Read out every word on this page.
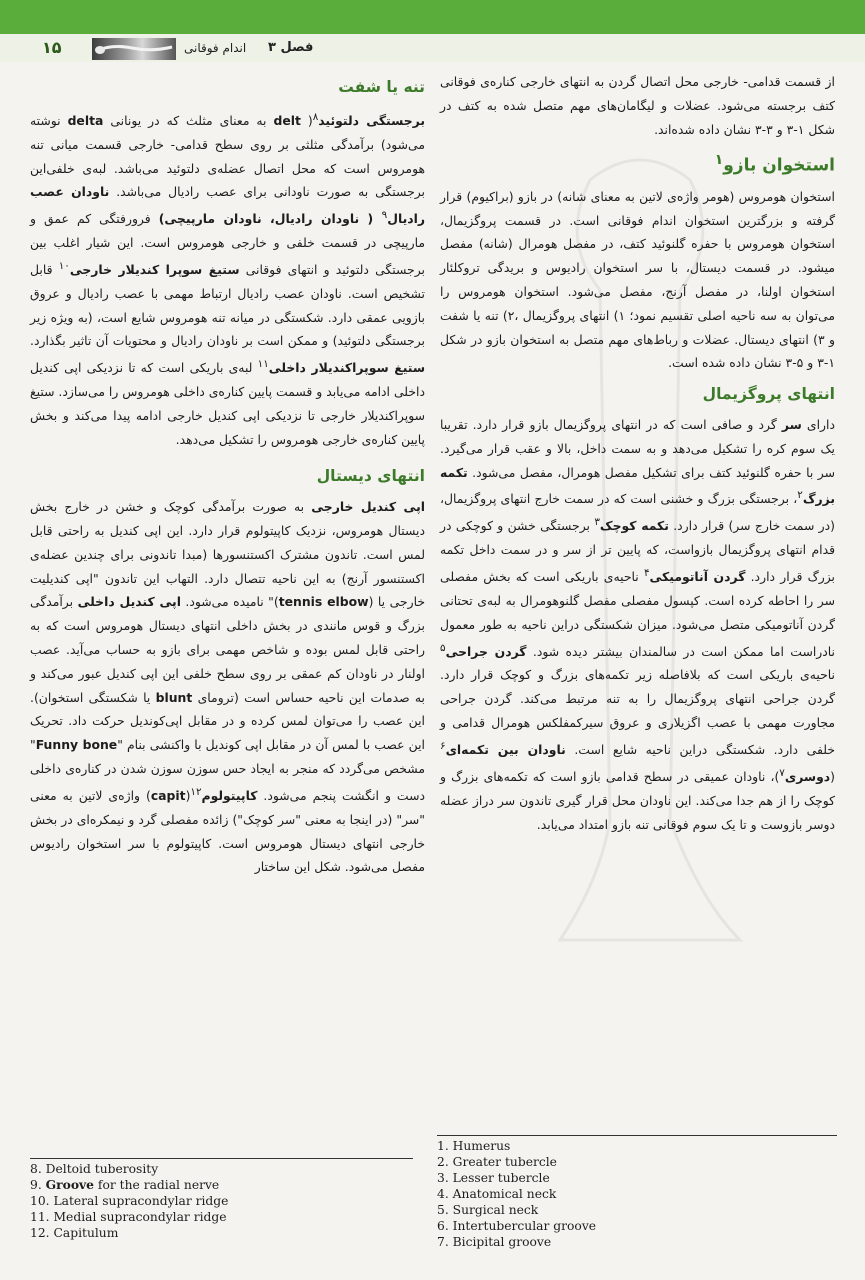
۱۵	اندام فوقانی فصل ۳

از قسمت قدامی- خارجی محل اتصال گردن به انتهای خارجی کناره‌ی فوقانی کتف برجسته می‌شود. عضلات و لیگامان‌های مهم متصل شده به کتف در شکل ۱-۳ و ۳-۳ نشان داده شده‌اند.

استخوان بازو$^۱$

استخوان هومروس (هومر واژه‌ی لاتین به معنای شانه) در بازو (براکیوم) قرار گرفته و بزرگترین استخوان اندام فوقانی است. در قسمت پروگزیمال، استخوان هومروس با حفره گلنوئید کتف، در مفصل هومرال (شانه) مفصل میشود. در قسمت دیستال، با سر استخوان رادیوس و بریدگی تروکلئار استخوان اولنا، در مفصل آرنج، مفصل می‌شود. استخوان هومروس را می‌توان به سه ناحیه اصلی تقسیم نمود؛ ۱) انتهای پروگزیمال ،۲) تنه یا شفت و ۳) انتهای دیستال. عضلات و رباط‌های مهم متصل به استخوان بازو در شکل ۱-۳ و ۵-۳ نشان داده شده است.

انتهای پروگزیمال

دارای سر گرد و صافی است که در انتهای پروگزیمال بازو قرار دارد. تقریبا یک سوم کره را تشکیل می‌دهد و به سمت داخل، بالا و عقب قرار می‌گیرد. سر با حفره گلنوئید کتف برای تشکیل مفصل هومرال، مفصل می‌شود. تکمه بزرگ$^۲$، برجستگی بزرگ و خشنی است که در سمت خارج انتهای پروگزیمال، (در سمت خارج سر) قرار دارد. تکمه کوچک$^۳$ برجستگی خشن و کوچکی در قدام انتهای پروگزیمال بازواست، که پایین تر از سر و در سمت داخل تکمه بزرگ قرار دارد. گردن آناتومیکی$^۴$ ناحیه‌ی باریکی است که بخش مفصلی سر را احاطه کرده است. کپسول مفصلی مفصل گلنوهومرال به لبه‌ی تحتانی گردن آناتومیکی متصل می‌شود. میزان شکستگی دراین ناحیه به طور معمول نادراست اما ممکن است در سالمندان بیشتر دیده شود. گردن جراحی$^۵$ ناحیه‌ی باریکی است که بلافاصله زیر تکمه‌های بزرگ و کوچک قرار دارد. گردن جراحی انتهای پروگزیمال را به تنه مرتبط می‌کند. گردن جراحی مجاورت مهمی با عصب اگزیلاری و عروق سیرکمفلکس هومرال قدامی و خلفی دارد. شکستگی دراین ناحیه شایع است. ناودان بین تکمه‌ای$^۶$ (دوسری$^۷$)، ناودان عمیقی در سطح قدامی بازو است که تکمه‌های بزرگ و کوچک را از هم جدا می‌کند. این ناودان محل قرار گیری تاندون سر دراز عضله دوسر بازوست و تا یک سوم فوقانی تنه بازو امتداد می‌یابد.

تنه یا شفت

برجستگی دلتوئید$^۸$( delt به معنای مثلث که در یونانی delta نوشته می‌شود) برآمدگی مثلثی بر روی سطح قدامی- خارجی قسمت میانی تنه هومروس است که محل اتصال عضله‌ی دلتوئید می‌باشد. لبه‌ی خلفی‌این برجستگی به صورت ناودانی برای عصب رادیال می‌باشد. ناودان عصب رادیال$^۹$ ( ناودان رادیال، ناودان مارپیچی) فرورفتگی کم عمق و مارپیچی در قسمت خلفی و خارجی هومروس است. این شیار اغلب بین برجستگی دلتوئید و انتهای فوقانی ستیغ سوپرا کندیلار خارجی$^{۱۰}$ قابل تشخیص است. ناودان عصب رادیال ارتباط مهمی با عصب رادیال و عروق بازویی عمقی دارد. شکستگی در میانه تنه هومروس شایع است، (به ویژه زیر برجستگی دلتوئید) و ممکن است بر ناودان رادیال و محتویات آن تاثیر بگذارد. ستیغ سوپراکندیلار داخلی$^{۱۱}$ لبه‌ی باریکی است که تا نزدیکی اپی کندیل داخلی ادامه می‌یابد و قسمت پایین کناره‌ی داخلی هومروس را می‌سازد. ستیغ سوپراکندیلار خارجی تا نزدیکی اپی کندیل خارجی ادامه پیدا می‌کند و بخش پایین کناره‌ی خارجی هومروس را تشکیل می‌دهد.

انتهای دیستال

اپی کندیل خارجی به صورت برآمدگی کوچک و خشن در خارج بخش دیستال هومروس، نزدیک کاپیتولوم قرار دارد. این اپی کندیل به راحتی قابل لمس است. تاندون مشترک اکستنسورها (مبدا تاندونی برای چندین عضله‌ی اکستنسور آرنج) به این ناحیه تتصال دارد. التهاب این تاندون "اپی کندیلیت خارجی یا (tennis elbow)" نامیده می‌شود. اپی کندیل داخلی برآمدگی بزرگ و قوس مانندی در بخش داخلی انتهای دیستال هومروس است که به راحتی قابل لمس بوده و شاخص مهمی برای بازو به حساب می‌آید. عصب اولنار در ناودان کم عمقی بر روی سطح خلفی این اپی کندیل عبور می‌کند و به صدمات این ناحیه حساس است (ترومای blunt یا شکستگی استخوان). این عصب را می‌توان لمس کرده و در مقابل اپی‌کوندیل حرکت داد. تحریک این عصب با لمس آن در مقابل اپی کوندیل با واکنشی بنام "Funny bone" مشخص می‌گردد که منجر به ایجاد حس سوزن سوزن شدن در کناره‌ی داخلی دست و انگشت پنجم می‌شود. کاپیتولوم$^{۱۲}$(capit) واژه‌ی لاتین به معنی "سر" (در اینجا به معنی "سر کوچک") زائده مفصلی گرد و نیمکره‌ای در بخش خارجی انتهای دیستال هومروس است. کاپیتولوم با سر استخوان رادیوس مفصل می‌شود. شکل این ساختار

1. Humerus
2. Greater tubercle
3. Lesser tubercle
4. Anatomical neck
5. Surgical neck
6. Intertubercular groove
7. Bicipital groove
8. Deltoid tuberosity
9. Groove for the radial nerve
10. Lateral supracondylar ridge
11. Medial supracondylar ridge
12. Capitulum
